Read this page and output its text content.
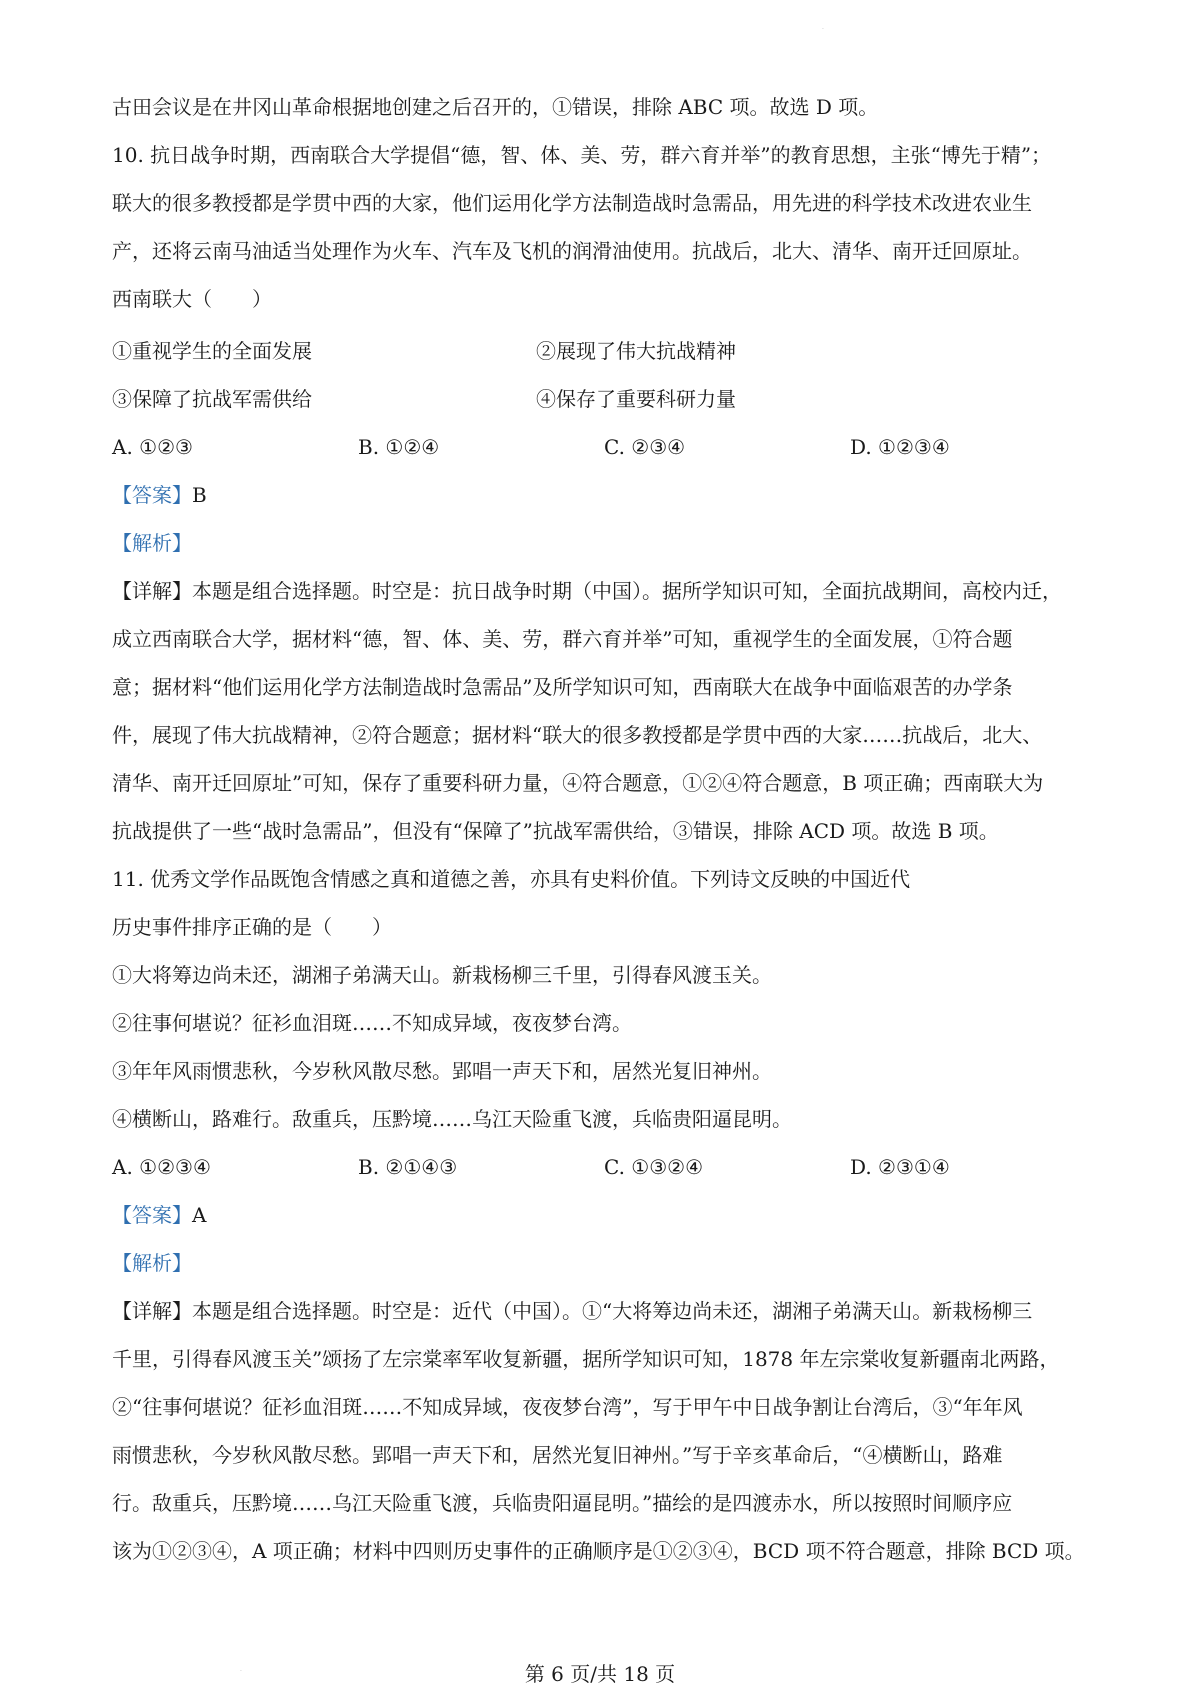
·
·
古田会议是在井冈山革命根据地创建之后召开的，①错误，排除 ABC 项。故选 D 项。
10. 抗日战争时期，西南联合大学提倡“德，智、体、美、劳，群六育并举”的教育思想，主张“博先于精”；
联大的很多教授都是学贯中西的大家，他们运用化学方法制造战时急需品，用先进的科学技术改进农业生
产，还将云南马油适当处理作为火车、汽车及飞机的润滑油使用。抗战后，北大、清华、南开迁回原址。
西南联大（　　）
①重视学生的全面发展	②展现了伟大抗战精神
③保障了抗战军需供给	④保存了重要科研力量
A. ①②③	B. ①②④	C. ②③④	D. ①②③④
【答案】B
【解析】
【详解】本题是组合选择题。时空是：抗日战争时期（中国）。据所学知识可知，全面抗战期间，高校内迁，
成立西南联合大学，据材料“德，智、体、美、劳，群六育并举”可知，重视学生的全面发展，①符合题
意；据材料“他们运用化学方法制造战时急需品”及所学知识可知，西南联大在战争中面临艰苦的办学条
件，展现了伟大抗战精神，②符合题意；据材料“联大的很多教授都是学贯中西的大家……抗战后，北大、
清华、南开迁回原址”可知，保存了重要科研力量，④符合题意，①②④符合题意，B 项正确；西南联大为
抗战提供了一些“战时急需品”，但没有“保障了”抗战军需供给，③错误，排除 ACD 项。故选 B 项。
11. 优秀文学作品既饱含情感之真和道德之善，亦具有史料价值。下列诗文反映的中国近代
历史事件排序正确的是（　　）
①大将筹边尚未还，湖湘子弟满天山。新栽杨柳三千里，引得春风渡玉关。
②往事何堪说？征衫血泪斑……不知成异域，夜夜梦台湾。
③年年风雨惯悲秋，今岁秋风散尽愁。郢唱一声天下和，居然光复旧神州。
④横断山，路难行。敌重兵，压黔境……乌江天险重飞渡，兵临贵阳逼昆明。
A. ①②③④	B. ②①④③	C. ①③②④	D. ②③①④
【答案】A
【解析】
【详解】本题是组合选择题。时空是：近代（中国）。①“大将筹边尚未还，湖湘子弟满天山。新栽杨柳三
千里，引得春风渡玉关”颂扬了左宗棠率军收复新疆，据所学知识可知，1878 年左宗棠收复新疆南北两路，
②“往事何堪说？征衫血泪斑……不知成异域，夜夜梦台湾”，写于甲午中日战争割让台湾后，③“年年风
雨惯悲秋，今岁秋风散尽愁。郢唱一声天下和，居然光复旧神州。”写于辛亥革命后，“④横断山，路难
行。敌重兵，压黔境……乌江天险重飞渡，兵临贵阳逼昆明。”描绘的是四渡赤水，所以按照时间顺序应
该为①②③④，A 项正确；材料中四则历史事件的正确顺序是①②③④，BCD 项不符合题意，排除 BCD 项。
第 6 页/共 18 页
